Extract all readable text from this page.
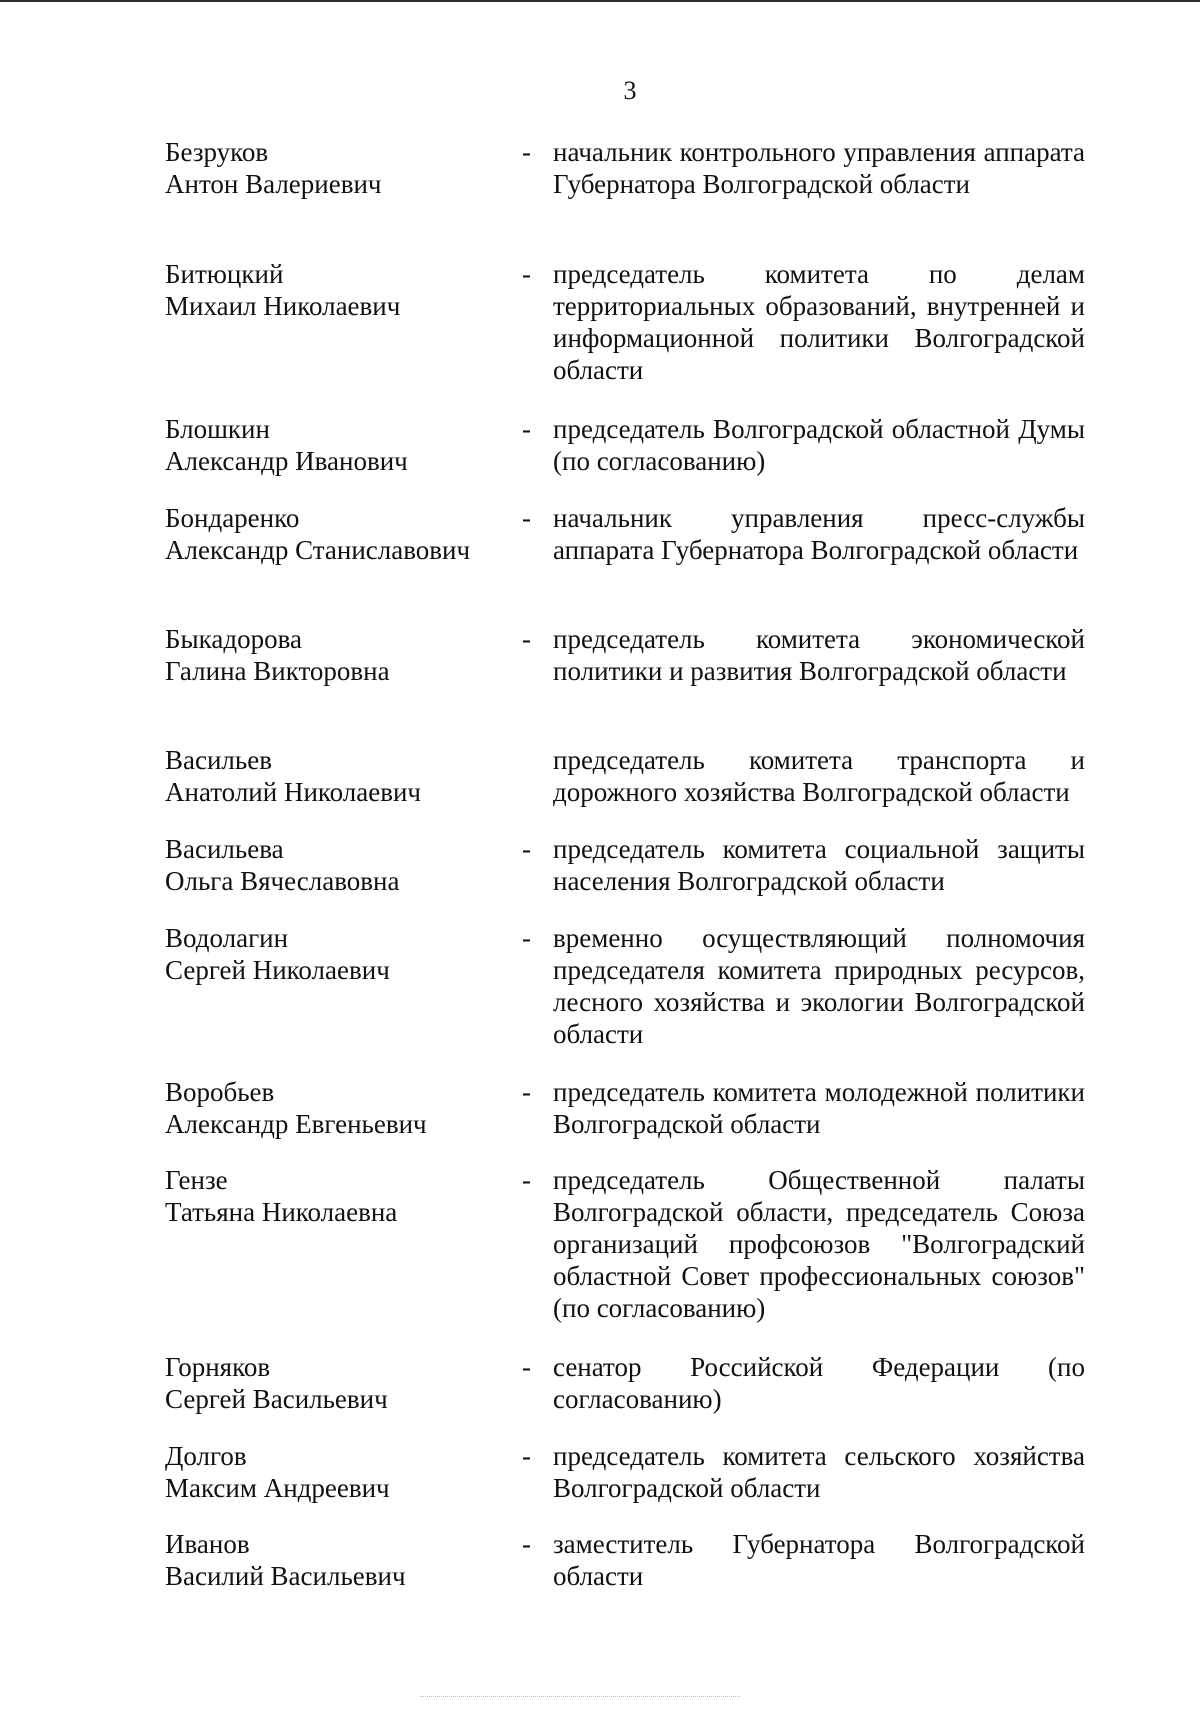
3
Безруков
Антон Валериевич
- начальник контрольного управления аппарата Губернатора Волгоградской области
Битюцкий
Михаил Николаевич
- председатель комитета по делам территориальных образований, внутренней и информационной политики Волгоградской области
Блошкин
Александр Иванович
- председатель Волгоградской областной Думы (по согласованию)
Бондаренко
Александр Станиславович
- начальник управления пресс-службы аппарата Губернатора Волгоградской области
Быкадорова
Галина Викторовна
- председатель комитета экономической политики и развития Волгоградской области
Васильев
Анатолий Николаевич
председатель комитета транспорта и дорожного хозяйства Волгоградской области
Васильева
Ольга Вячеславовна
- председатель комитета социальной защиты населения Волгоградской области
Водолагин
Сергей Николаевич
- временно осуществляющий полномочия председателя комитета природных ресурсов, лесного хозяйства и экологии Волгоградской области
Воробьев
Александр Евгеньевич
- председатель комитета молодежной политики Волгоградской области
Гензе
Татьяна Николаевна
- председатель Общественной палаты Волгоградской области, председатель Союза организаций профсоюзов "Волгоградский областной Совет профессиональных союзов" (по согласованию)
Горняков
Сергей Васильевич
- сенатор Российской Федерации (по согласованию)
Долгов
Максим Андреевич
- председатель комитета сельского хозяйства Волгоградской области
Иванов
Василий Васильевич
- заместитель Губернатора Волгоградской области
